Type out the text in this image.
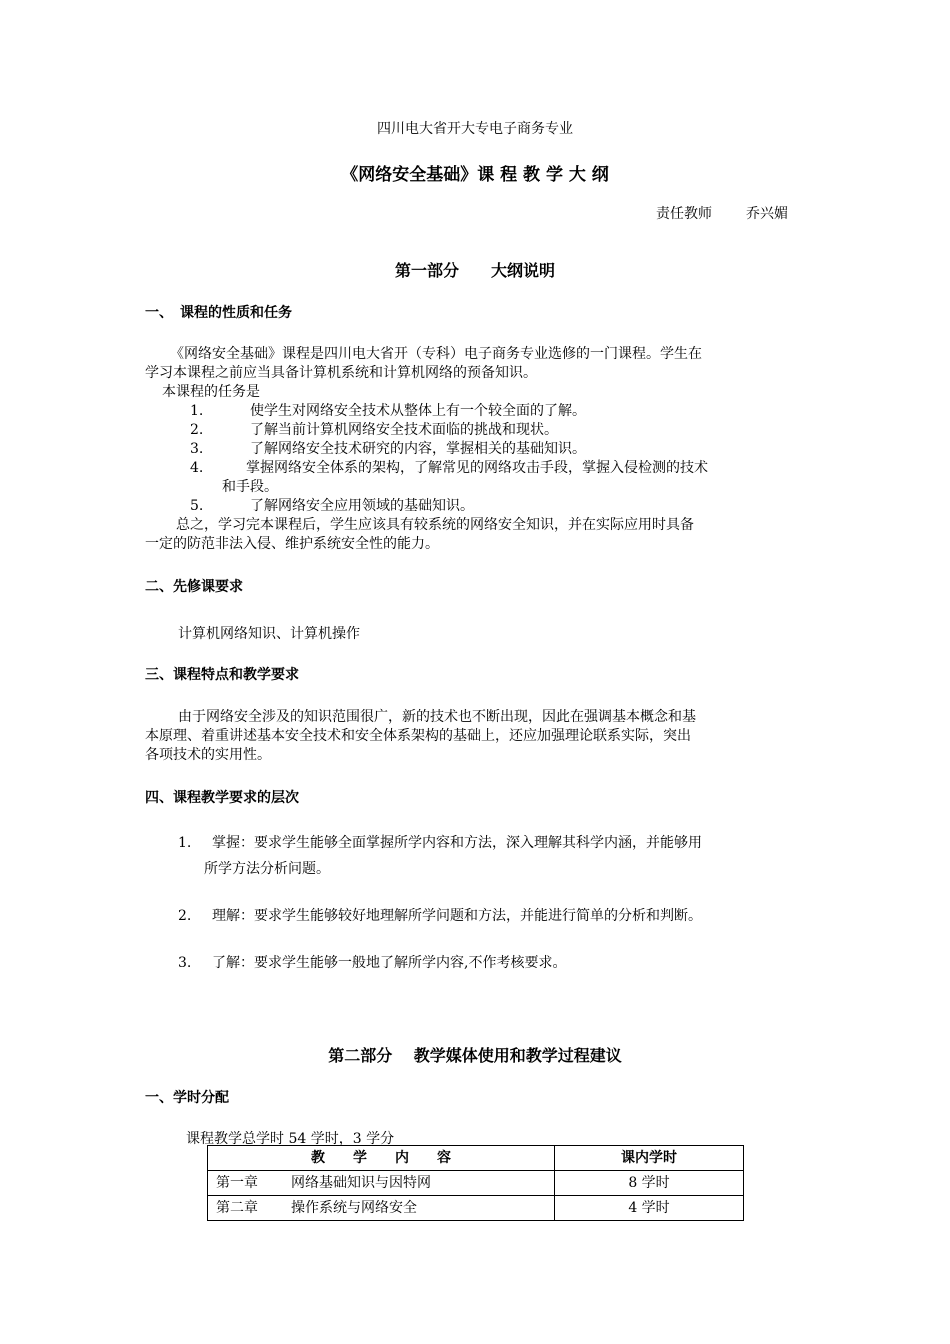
四川电大省开大专电子商务专业
《网络安全基础》课 程 教 学 大 纲
责任教师 乔兴媚
第一部分　　大纲说明
一、　课程的性质和任务
《网络安全基础》课程是四川电大省开（专科）电子商务专业选修的一门课程。学生在
学习本课程之前应当具备计算机系统和计算机网络的预备知识。
本课程的任务是
1.	使学生对网络安全技术从整体上有一个较全面的了解。
2.	了解当前计算机网络安全技术面临的挑战和现状。
3.	了解网络安全技术研究的内容，掌握相关的基础知识。
4.	掌握网络安全体系的架构，了解常见的网络攻击手段，掌握入侵检测的技术
和手段。
5.	了解网络安全应用领域的基础知识。
总之，学习完本课程后，学生应该具有较系统的网络安全知识，并在实际应用时具备
一定的防范非法入侵、维护系统安全性的能力。
二、先修课要求
计算机网络知识、计算机操作
三、课程特点和教学要求
由于网络安全涉及的知识范围很广，新的技术也不断出现，因此在强调基本概念和基
本原理、着重讲述基本安全技术和安全体系架构的基础上，还应加强理论联系实际，突出
各项技术的实用性。
四、课程教学要求的层次
1. 掌握：要求学生能够全面掌握所学内容和方法，深入理解其科学内涵，并能够用
所学方法分析问题。
2. 理解：要求学生能够较好地理解所学问题和方法，并能进行简单的分析和判断。
3. 了解：要求学生能够一般地了解所学内容,不作考核要求。
第二部分　 教学媒体使用和教学过程建议
一、学时分配
课程教学总学时 54 学时，3 学分
教　　学　　内　　容	课内学时
第一章 网络基础知识与因特网	8 学时
第二章 操作系统与网络安全	4 学时
